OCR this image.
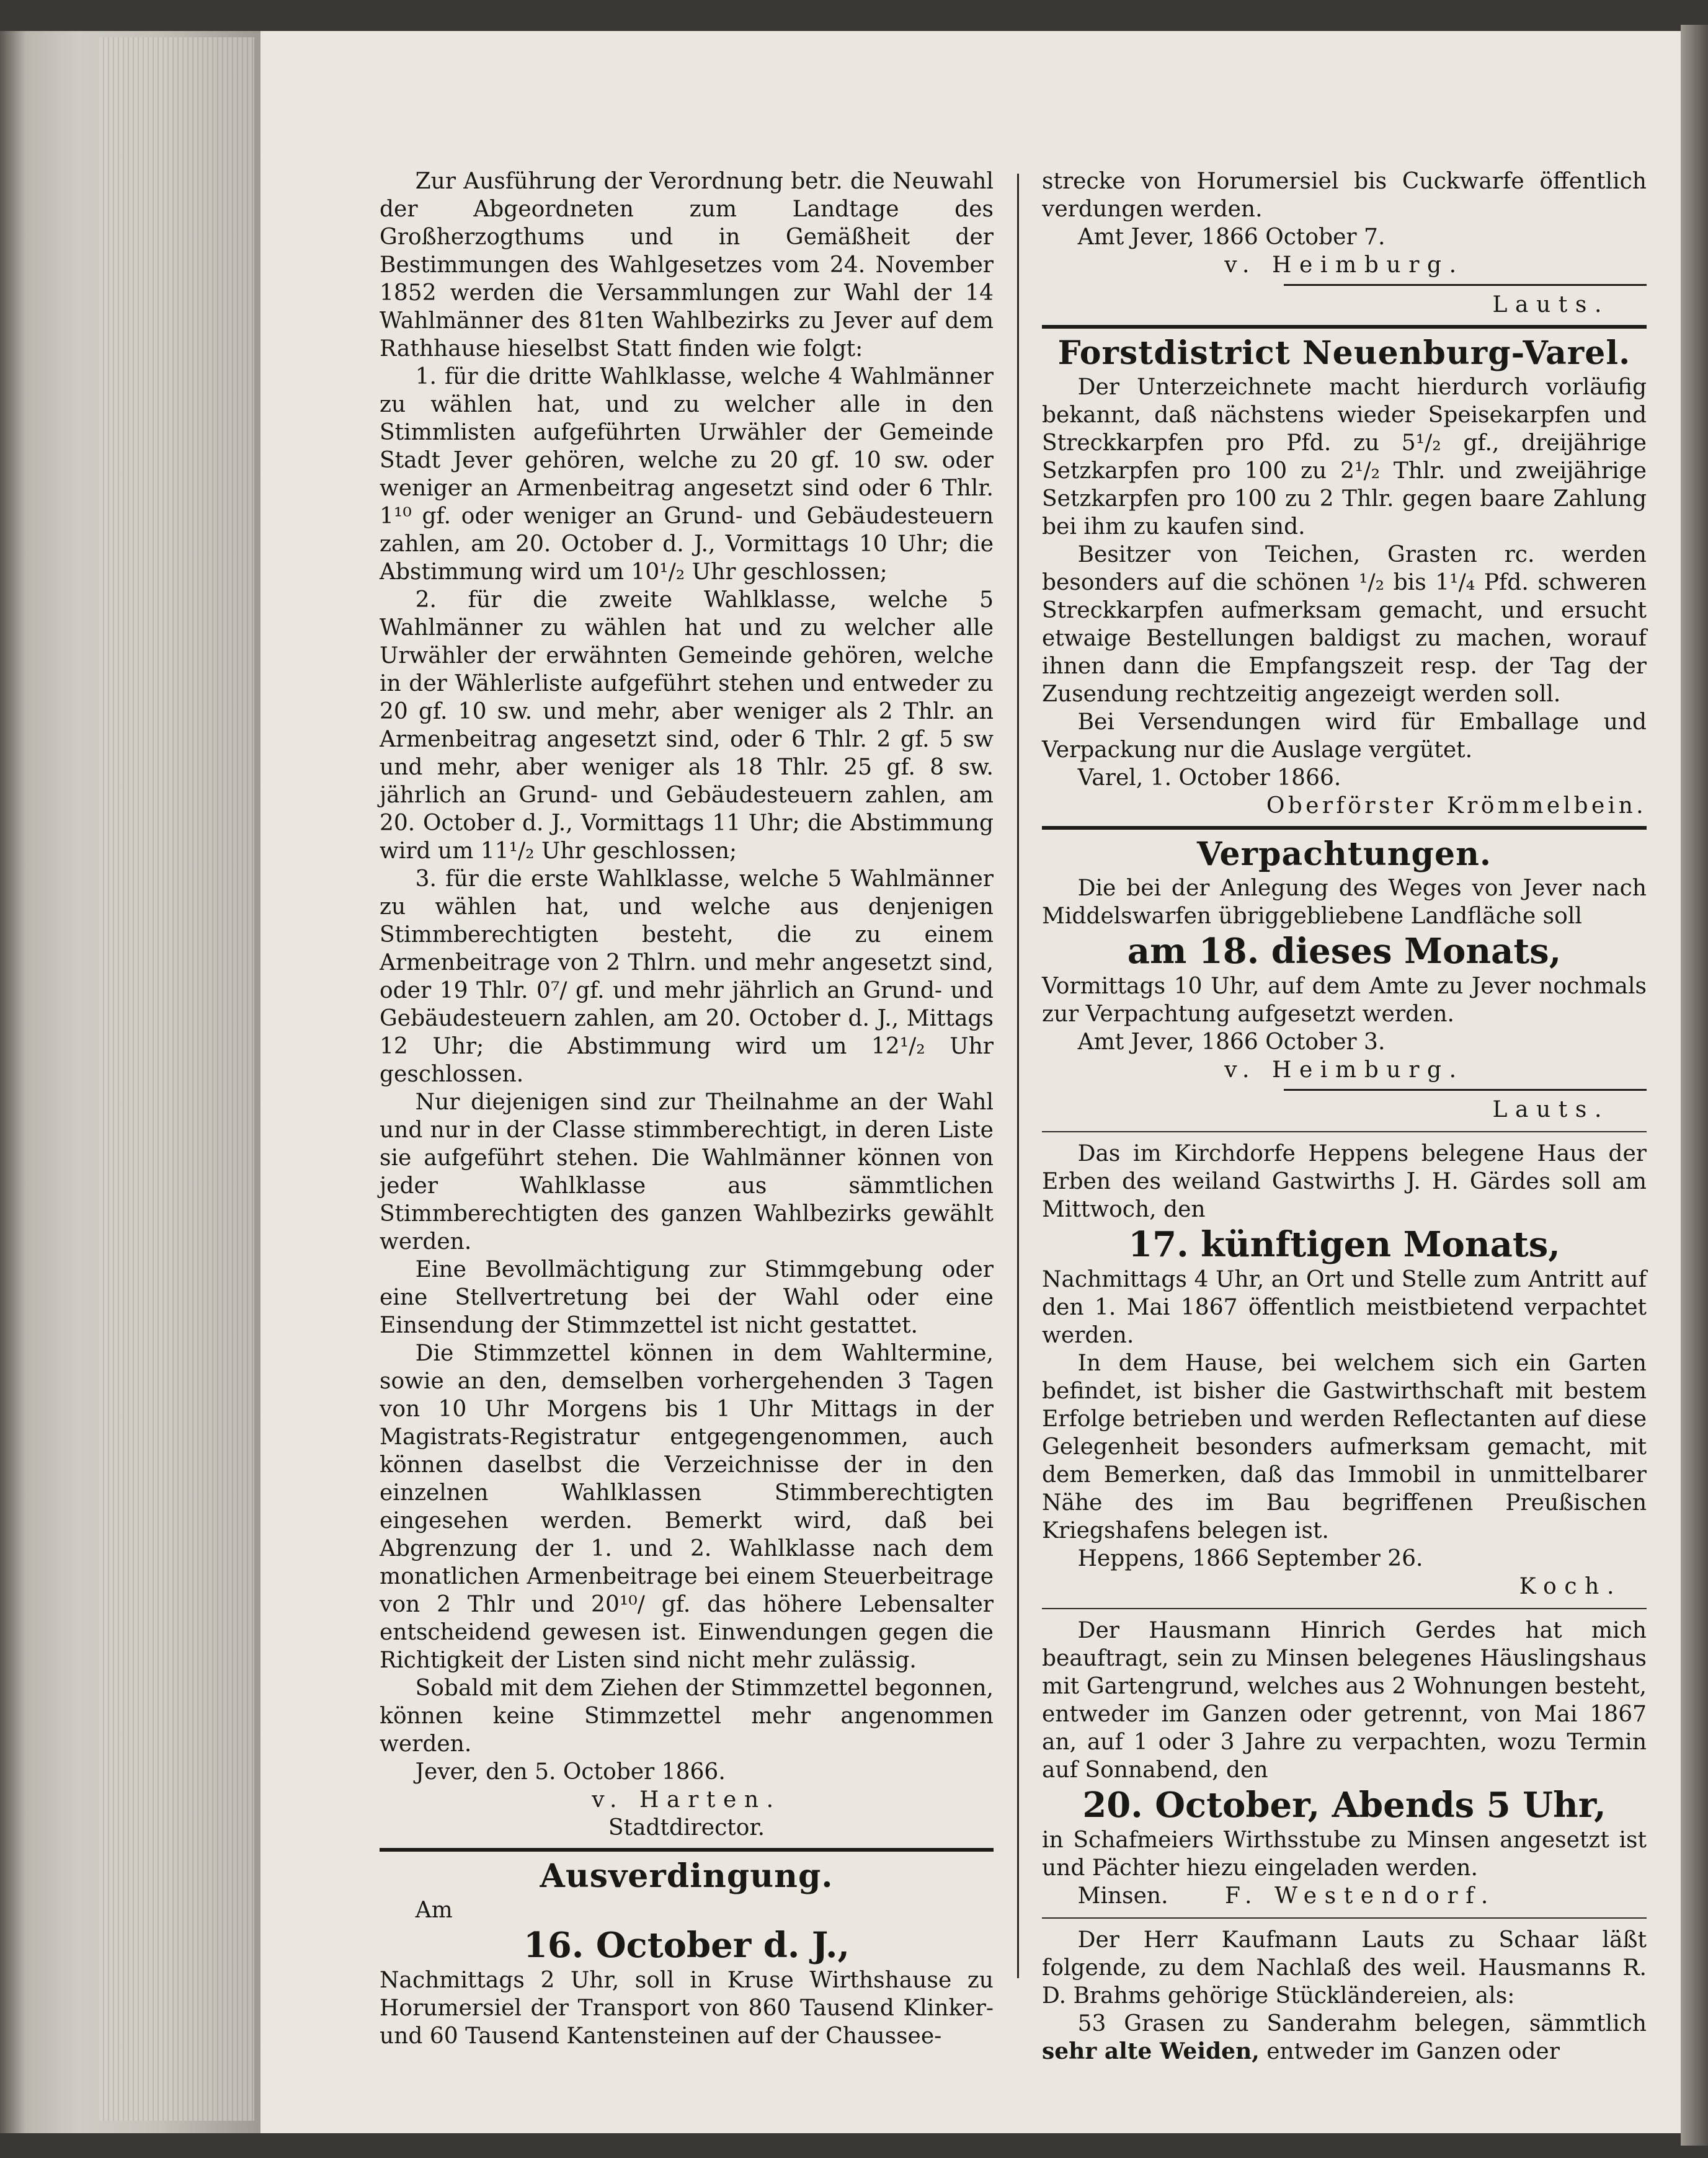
Zur Ausführung der Verordnung betr. die Neuwahl der Abgeordneten zum Landtage des Großherzogthums und in Gemäßheit der Bestimmungen des Wahlgesetzes vom 24. November 1852 werden die Versammlungen zur Wahl der 14 Wahlmänner des 81ten Wahlbezirks zu Jever auf dem Rathhause hieselbst Statt finden wie folgt:

1. für die dritte Wahlklasse, welche 4 Wahlmänner zu wählen hat, und zu welcher alle in den Stimmlisten aufgeführten Urwähler der Gemeinde Stadt Jever gehören, welche zu 20 gf. 10 sw. oder weniger an Armenbeitrag angesetzt sind oder 6 Thlr. 1¹⁰ gf. oder weniger an Grund- und Gebäudesteuern zahlen, am 20. October d. J., Vormittags 10 Uhr; die Abstimmung wird um 10¹/₂ Uhr geschlossen;

2. für die zweite Wahlklasse, welche 5 Wahlmänner zu wählen hat und zu welcher alle Urwähler der erwähnten Gemeinde gehören, welche in der Wählerliste aufgeführt stehen und entweder zu 20 gf. 10 sw. und mehr, aber weniger als 2 Thlr. an Armenbeitrag angesetzt sind, oder 6 Thlr. 2 gf. 5 sw und mehr, aber weniger als 18 Thlr. 25 gf. 8 sw. jährlich an Grund- und Gebäudesteuern zahlen, am 20. October d. J., Vormittags 11 Uhr; die Abstimmung wird um 11¹/₂ Uhr geschlossen;

3. für die erste Wahlklasse, welche 5 Wahlmänner zu wählen hat, und welche aus denjenigen Stimmberechtigten besteht, die zu einem Armenbeitrage von 2 Thlrn. und mehr angesetzt sind, oder 19 Thlr. 0⁷/ gf. und mehr jährlich an Grund- und Gebäudesteuern zahlen, am 20. October d. J., Mittags 12 Uhr; die Abstimmung wird um 12¹/₂ Uhr geschlossen.

Nur diejenigen sind zur Theilnahme an der Wahl und nur in der Classe stimmberechtigt, in deren Liste sie aufgeführt stehen. Die Wahlmänner können von jeder Wahlklasse aus sämmtlichen Stimmberechtigten des ganzen Wahlbezirks gewählt werden.

Eine Bevollmächtigung zur Stimmgebung oder eine Stellvertretung bei der Wahl oder eine Einsendung der Stimmzettel ist nicht gestattet.

Die Stimmzettel können in dem Wahltermine, sowie an den, demselben vorhergehenden 3 Tagen von 10 Uhr Morgens bis 1 Uhr Mittags in der Magistrats-Registratur entgegengenommen, auch können daselbst die Verzeichnisse der in den einzelnen Wahlklassen Stimmberechtigten eingesehen werden. Bemerkt wird, daß bei Abgrenzung der 1. und 2. Wahlklasse nach dem monatlichen Armenbeitrage bei einem Steuerbeitrage von 2 Thlr und 20¹⁰/ gf. das höhere Lebensalter entscheidend gewesen ist. Einwendungen gegen die Richtigkeit der Listen sind nicht mehr zulässig.

Sobald mit dem Ziehen der Stimmzettel begonnen, können keine Stimmzettel mehr angenommen werden.

Jever, den 5. October 1866.

v. Harten.

Stadtdirector.

Ausverdingung.

Am

16. October d. J.,

Nachmittags 2 Uhr, soll in Kruse Wirthshause zu Horumersiel der Transport von 860 Tausend Klinker- und 60 Tausend Kantensteinen auf der Chaussee-

strecke von Horumersiel bis Cuckwarfe öffentlich verdungen werden.

Amt Jever, 1866 October 7.

v. Heimburg.

Lauts.

Forstdistrict Neuenburg-Varel.

Der Unterzeichnete macht hierdurch vorläufig bekannt, daß nächstens wieder Speisekarpfen und Streckkarpfen pro Pfd. zu 5¹/₂ gf., dreijährige Setzkarpfen pro 100 zu 2¹/₂ Thlr. und zweijährige Setzkarpfen pro 100 zu 2 Thlr. gegen baare Zahlung bei ihm zu kaufen sind.

Besitzer von Teichen, Grasten rc. werden besonders auf die schönen ¹/₂ bis 1¹/₄ Pfd. schweren Streckkarpfen aufmerksam gemacht, und ersucht etwaige Bestellungen baldigst zu machen, worauf ihnen dann die Empfangszeit resp. der Tag der Zusendung rechtzeitig angezeigt werden soll.

Bei Versendungen wird für Emballage und Verpackung nur die Auslage vergütet.

Varel, 1. October 1866.

Oberförster Krömmelbein.

Verpachtungen.

Die bei der Anlegung des Weges von Jever nach Middelswarfen übriggebliebene Landfläche soll

am 18. dieses Monats,

Vormittags 10 Uhr, auf dem Amte zu Jever nochmals zur Verpachtung aufgesetzt werden.

Amt Jever, 1866 October 3.

v. Heimburg.

Lauts.

Das im Kirchdorfe Heppens belegene Haus der Erben des weiland Gastwirths J. H. Gärdes soll am Mittwoch, den

17. künftigen Monats,

Nachmittags 4 Uhr, an Ort und Stelle zum Antritt auf den 1. Mai 1867 öffentlich meistbietend verpachtet werden.

In dem Hause, bei welchem sich ein Garten befindet, ist bisher die Gastwirthschaft mit bestem Erfolge betrieben und werden Reflectanten auf diese Gelegenheit besonders aufmerksam gemacht, mit dem Bemerken, daß das Immobil in unmittelbarer Nähe des im Bau begriffenen Preußischen Kriegshafens belegen ist.

Heppens, 1866 September 26.

Koch.

Der Hausmann Hinrich Gerdes hat mich beauftragt, sein zu Minsen belegenes Häuslingshaus mit Gartengrund, welches aus 2 Wohnungen besteht, entweder im Ganzen oder getrennt, von Mai 1867 an, auf 1 oder 3 Jahre zu verpachten, wozu Termin auf Sonnabend, den

20. October, Abends 5 Uhr,

in Schafmeiers Wirthsstube zu Minsen angesetzt ist und Pächter hiezu eingeladen werden.

Minsen.	F. Westendorf.

Der Herr Kaufmann Lauts zu Schaar läßt folgende, zu dem Nachlaß des weil. Hausmanns R. D. Brahms gehörige Stückländereien, als:

53 Grasen zu Sanderahm belegen, sämmtlich sehr alte Weiden, entweder im Ganzen oder
